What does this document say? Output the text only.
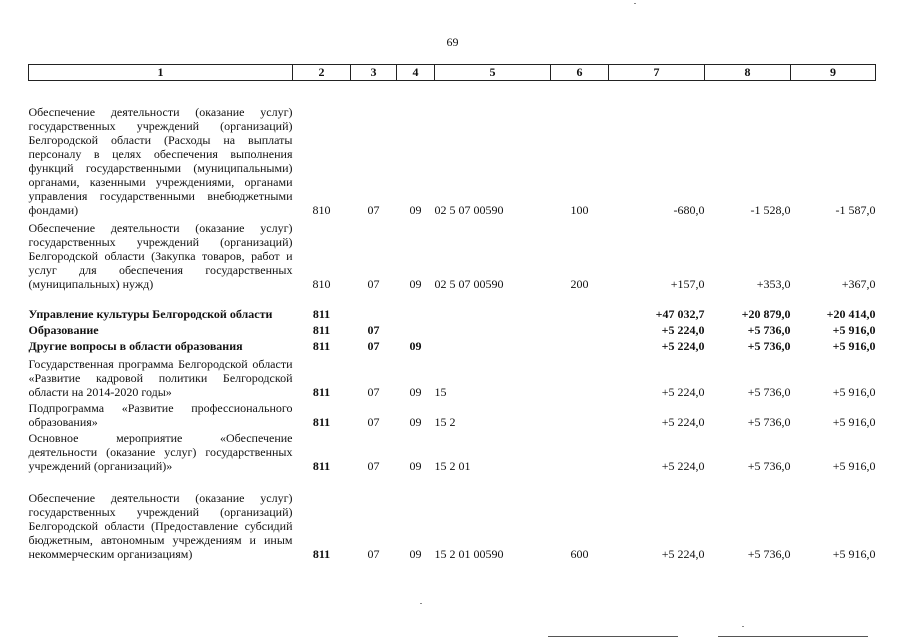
69
1	2	3	4	5	6	7	8	9
Обеспечение деятельности (оказание услуг) государственных учреждений (организаций) Белгородской области (Расходы на выплаты персоналу в целях обеспечения выполнения функций государственными (муниципальными) органами, казенными учреждениями, органами управления государственными внебюджетными фондами)	810	07	09	02 5 07 00590	100	-680,0	-1 528,0	-1 587,0
Обеспечение деятельности (оказание услуг) государственных учреждений (организаций) Белгородской области (Закупка товаров, работ и услуг для обеспечения государственных (муниципальных) нужд)	810	07	09	02 5 07 00590	200	+157,0	+353,0	+367,0
Управление культуры Белгородской области	811					+47 032,7	+20 879,0	+20 414,0
Образование	811	07				+5 224,0	+5 736,0	+5 916,0
Другие вопросы в области образования	811	07	09			+5 224,0	+5 736,0	+5 916,0
Государственная программа Белгородской области «Развитие кадровой политики Белгородской области на 2014-2020 годы»	811	07	09	15		+5 224,0	+5 736,0	+5 916,0
Подпрограмма «Развитие профессионального образования»	811	07	09	15 2		+5 224,0	+5 736,0	+5 916,0
Основное мероприятие «Обеспечение деятельности (оказание услуг) государственных учреждений (организаций)»	811	07	09	15 2 01		+5 224,0	+5 736,0	+5 916,0
Обеспечение деятельности (оказание услуг) государственных учреждений (организаций) Белгородской области (Предоставление субсидий бюджетным, автономным учреждениям и иным некоммерческим организациям)	811	07	09	15 2 01 00590	600	+5 224,0	+5 736,0	+5 916,0
